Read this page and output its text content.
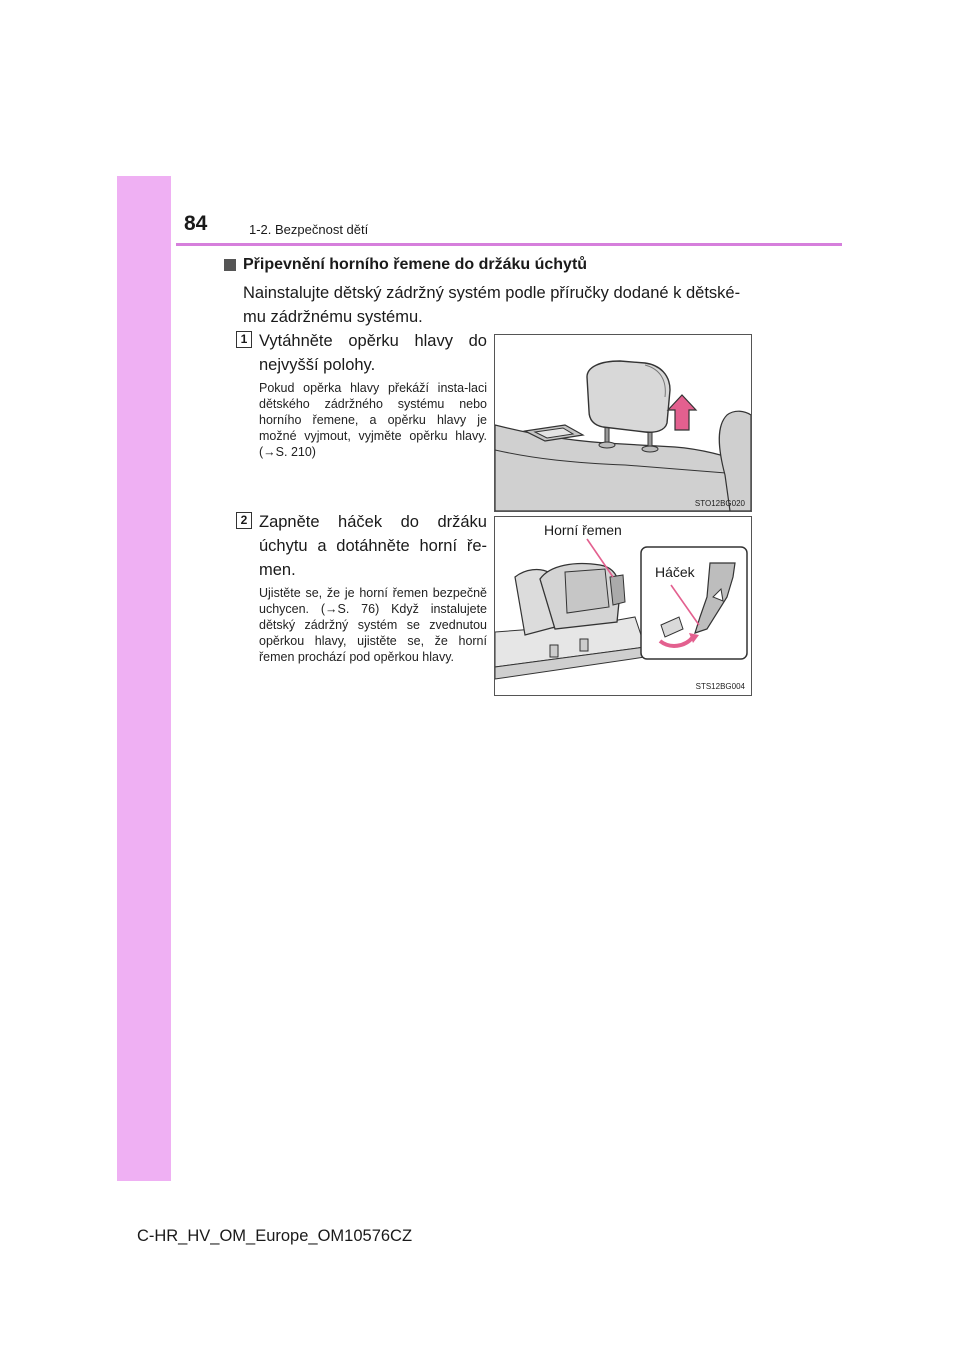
84	1-2. Bezpečnost dětí
Připevnění horního řemene do držáku úchytů
Nainstalujte dětský zádržný systém podle příručky dodané k dětské-mu zádržnému systému.
1 Vytáhněte opěrku hlavy do nejvyšší polohy.
Pokud opěrka hlavy překáží insta-laci dětského zádržného systému nebo horního řemene, a opěrku hlavy je možné vyjmout, vyjměte opěrku hlavy. (→S. 210)
STO12BG020
2 Zapněte háček do držáku úchytu a dotáhněte horní ře-men.
Ujistěte se, že je horní řemen bezpečně uchycen. (→S. 76) Když instalujete dětský zádržný systém se zvednutou opěrkou hlavy, ujistěte se, že horní řemen prochází pod opěrkou hlavy.
Horní řemen
Háček
STS12BG004
C-HR_HV_OM_Europe_OM10576CZ
